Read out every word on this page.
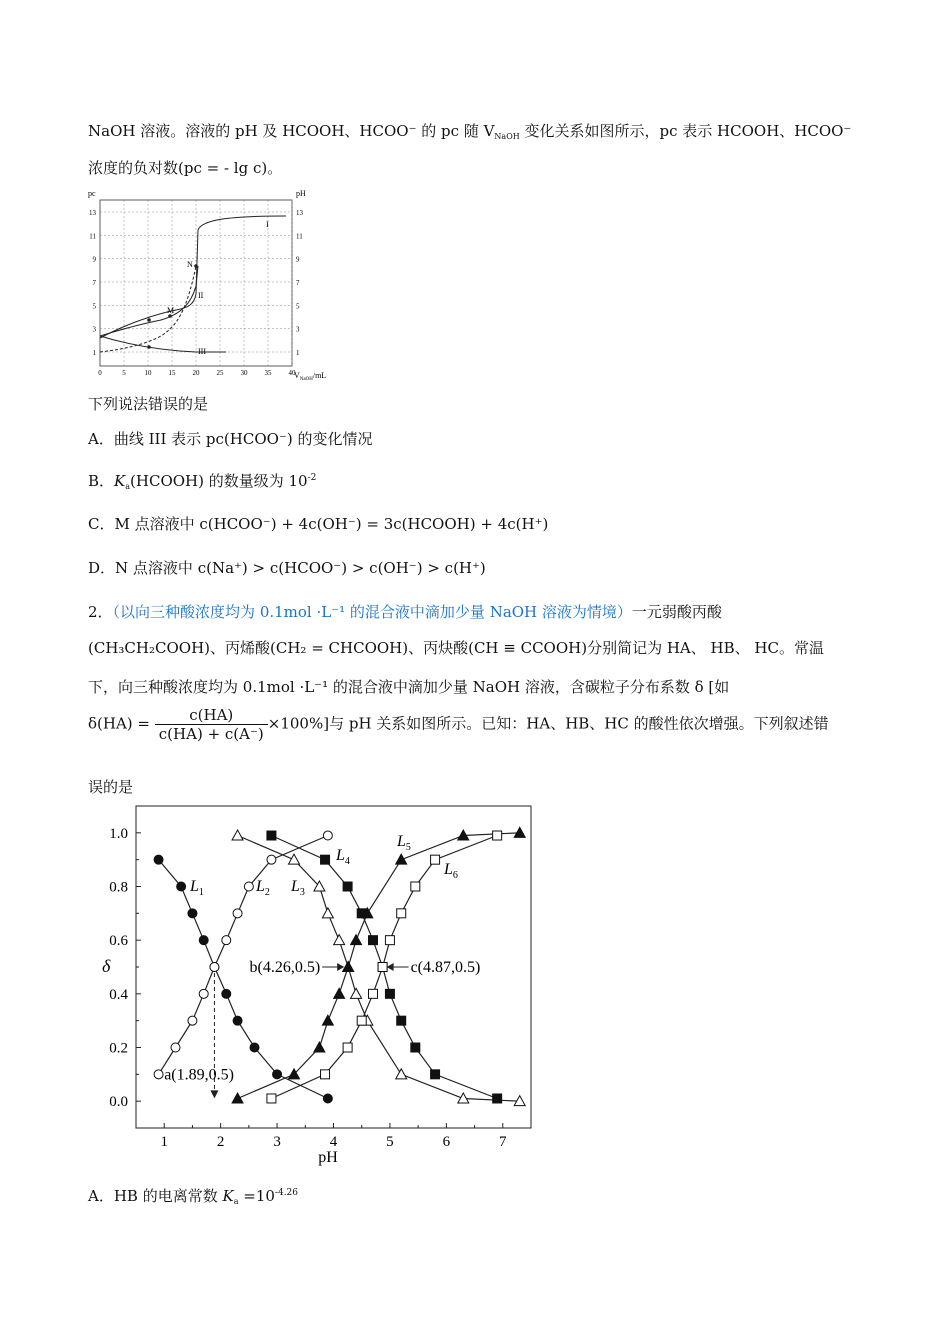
NaOH 溶液。溶液的 pH 及 HCOOH、HCOO⁻ 的 pc 随 $V_{NaOH}$ 变化关系如图所示，pc 表示 HCOOH、HCOO⁻
浓度的负对数(pc = - lg c)。
1	1
3	3
5	5
7	7
9	9
11	11
13	13
0	5	10 15 20 25 30 35 40
pc	pH
$V_{NaOH}/mL$
I
II
III
M
N
下列说法错误的是
A．曲线 III 表示 pc(HCOO⁻) 的变化情况
B．$K_a(HCOOH)$ 的数量级为 $10^{-2}$
C．M 点溶液中 c(HCOO⁻) + 4c(OH⁻) = 3c(HCOOH) + 4c(H⁺)
D．N 点溶液中 c(Na⁺) > c(HCOO⁻) > c(OH⁻) > c(H⁺)
2．（以向三种酸浓度均为 0.1mol ·L⁻¹ 的混合液中滴加少量 NaOH 溶液为情境）一元弱酸丙酸
(CH₃CH₂COOH)、丙烯酸(CH₂ = CHCOOH)、丙炔酸(CH ≡ CCOOH)分别简记为 HA、 HB、 HC。常温
下，向三种酸浓度均为 0.1mol ·L⁻¹ 的混合液中滴加少量 NaOH 溶液，含碳粒子分布系数 δ [如
$\delta(HA) = \frac{c(HA)}{c(HA) + c(A^-)} \times 100\%$]与 pH 关系如图所示。已知：HA、HB、HC 的酸性依次增强。下列叙述错
误的是
1	2	3	4	5	6	7
0.0
0.2
0.4
0.6
0.8
1.0
pH
δ
$L_1$	$L_2$ $L_3$
$L_4$
$L_5$
$L_6$
a(1.89,0.5)
b(4.26,0.5)	c(4.87,0.5)
A．HB 的电离常数 $K_a =10^{-4.26}$
